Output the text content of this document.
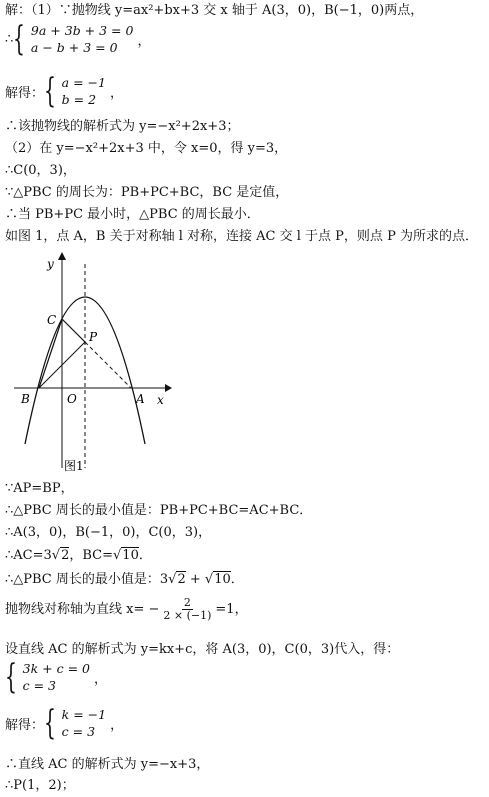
解：（1）∵抛物线 y=ax²+bx+3 交 x 轴于 A(3，0)，B(−1，0)两点，
∴ { 9a + 3b + 3 = 0
a − b + 3 = 0	，
解得： { a = −1
b = 2	，
∴该抛物线的解析式为 y=−x²+2x+3；
（2）在 y=−x²+2x+3 中，令 x=0，得 y=3，
∴C(0，3)，
∵△PBC 的周长为：PB+PC+BC，BC 是定值，
∴当 PB+PC 最小时，△PBC 的周长最小．
如图 1，点 A，B 关于对称轴 l 对称，连接 AC 交 l 于点 P，则点 P 为所求的点．
y
x
C
P
B	O	A
图1
∵AP=BP，
∴△PBC 周长的最小值是：PB+PC+BC=AC+BC．
∴A(3，0)，B(−1，0)，C(0，3)，
∴AC=3√2，BC=√10．
∴△PBC 周长的最小值是：3√2 + √10．
抛物线对称轴为直线 $x= - \frac{2}{2 \times (-1)} =1$，
设直线 AC 的解析式为 y=kx+c，将 A(3，0)，C(0，3)代入，得：
{ 3k + c = 0
c = 3	，
解得： { k = −1
c = 3	，
∴直线 AC 的解析式为 y=−x+3，
∴P(1，2)；
